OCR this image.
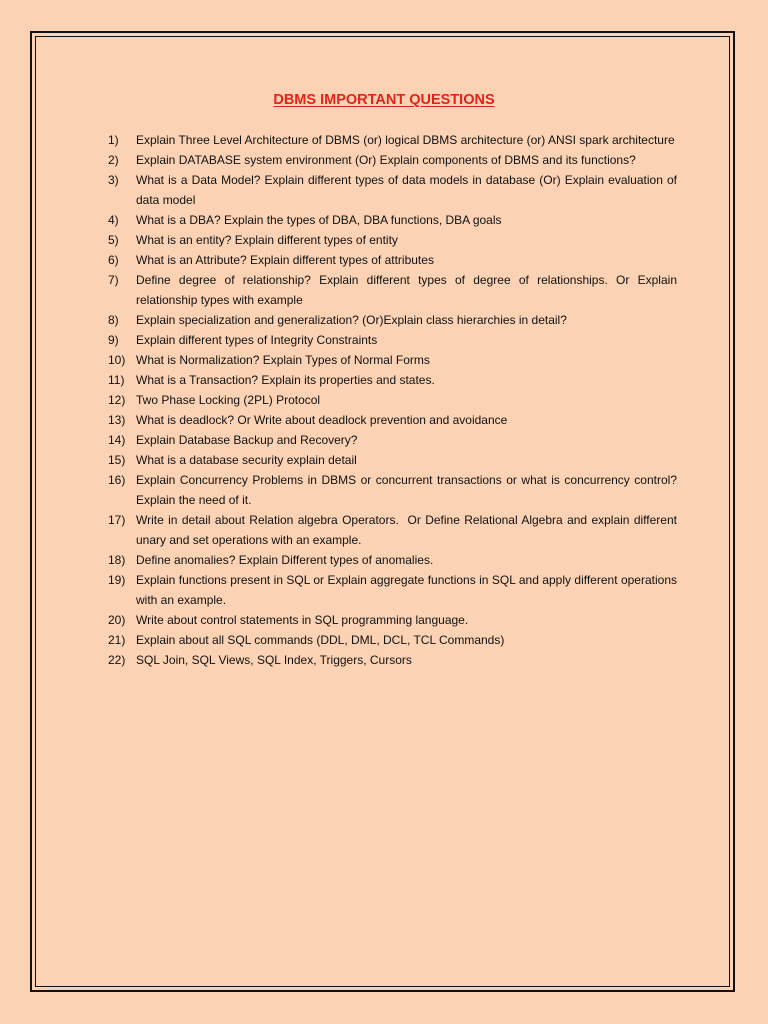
DBMS IMPORTANT QUESTIONS
1)	Explain Three Level Architecture of DBMS (or) logical DBMS architecture (or) ANSI spark architecture
2)	Explain DATABASE system environment (Or) Explain components of DBMS and its functions?
3)	What is a Data Model? Explain different types of data models in database (Or) Explain evaluation of data model
4)	What is a DBA? Explain the types of DBA, DBA functions, DBA goals
5)	What is an entity? Explain different types of entity
6)	What is an Attribute? Explain different types of attributes
7)	Define degree of relationship? Explain different types of degree of relationships. Or Explain relationship types with example
8)	Explain specialization and generalization? (Or)Explain class hierarchies in detail?
9)	Explain different types of Integrity Constraints
10) What is Normalization? Explain Types of Normal Forms
11) What is a Transaction? Explain its properties and states.
12) Two Phase Locking (2PL) Protocol
13) What is deadlock? Or Write about deadlock prevention and avoidance
14) Explain Database Backup and Recovery?
15) What is a database security explain detail
16) Explain Concurrency Problems in DBMS or concurrent transactions or what is concurrency control? Explain the need of it.
17) Write in detail about Relation algebra Operators.  Or Define Relational Algebra and explain different unary and set operations with an example.
18) Define anomalies? Explain Different types of anomalies.
19) Explain functions present in SQL or Explain aggregate functions in SQL and apply different operations with an example.
20) Write about control statements in SQL programming language.
21) Explain about all SQL commands (DDL, DML, DCL, TCL Commands)
22) SQL Join, SQL Views, SQL Index, Triggers, Cursors
